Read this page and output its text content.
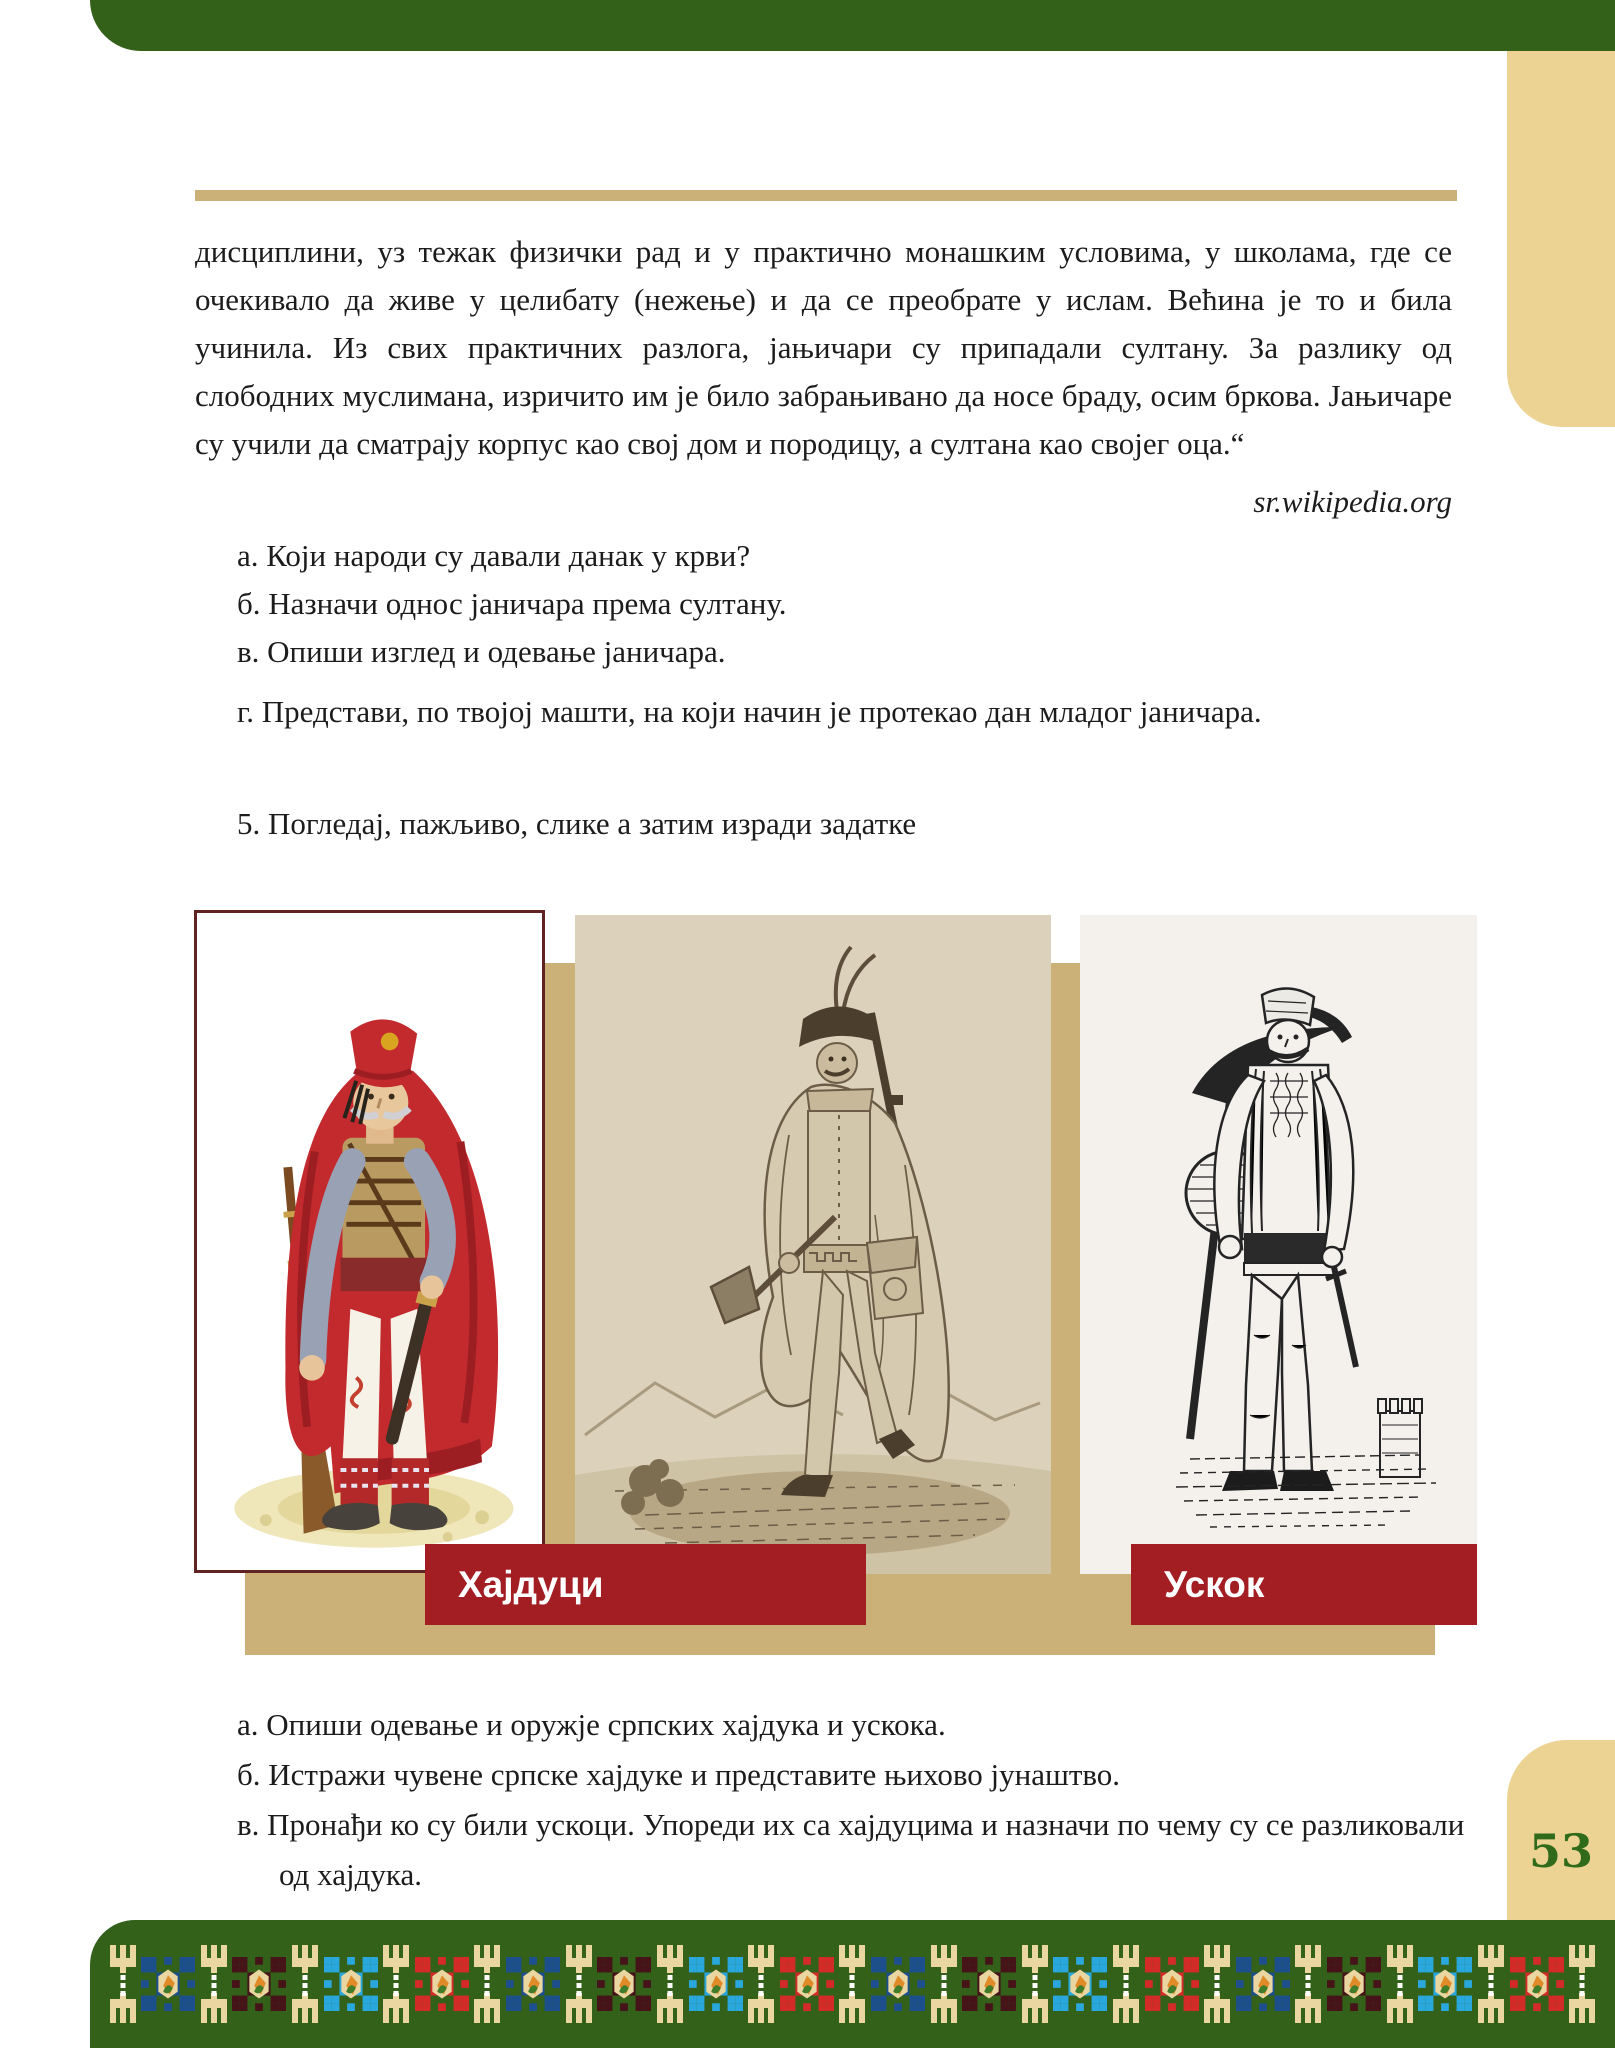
дисциплини, уз тежак физички рад и у практично монашким условима, у школама, где се очекивало да живе у целибату (нежење) и да се преобрате у ислам. Већина је то и била учинила. Из свих практичних разлога, јањичари су припадали султану. За разлику од слободних муслимана, изричито им је било забрањивано да носе браду, осим бркова. Јањичаре су учили да сматрају корпус као свој дом и породицу, а султана као својег оца.“
sr.wikipedia.org
а. Који народи су давали данак у крви?
б. Назначи однос јаничара према султану.
в. Опиши изглед и одевање јаничара.
г. Представи, по твојој машти, на који начин је протекао дан младог јаничара.
5. Погледај, пажљиво, слике а затим изради задатке
Хајдуци	Ускок
а. Опиши одевање и оружје српских хајдука и ускока.
б. Истражи чувене српске хајдуке и представите њихово јунаштво.
в. Пронађи ко су били ускоци. Упореди их са хајдуцима и назначи по чему су се разликовали од хајдука.	53
